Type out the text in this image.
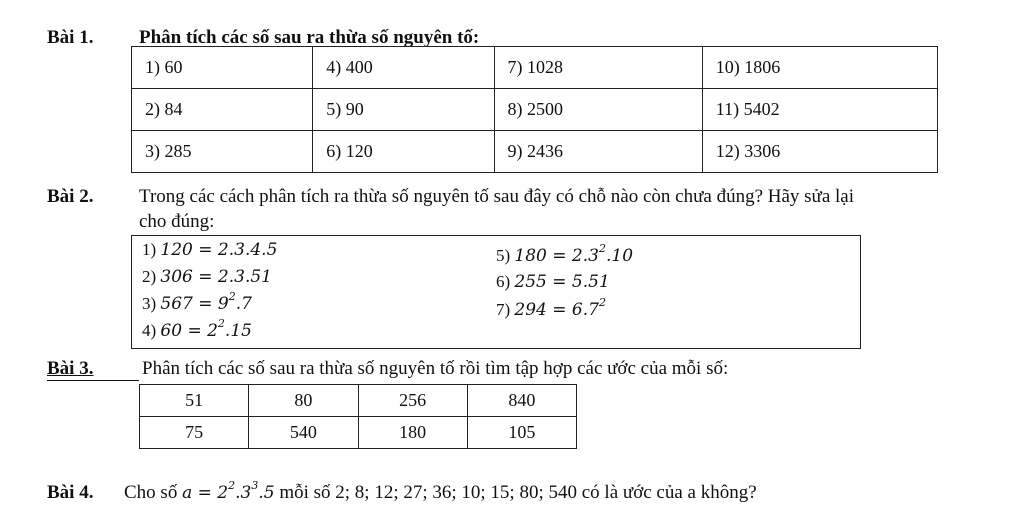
Bài 1. Phân tích các số sau ra thừa số nguyên tố:
1) 60	4) 400	7) 1028	10) 1806
2) 84	5) 90	8) 2500	11) 5402
3) 285	6) 120	9) 2436	12) 3306
Bài 2. Trong các cách phân tích ra thừa số nguyên tố sau đây có chỗ nào còn chưa đúng? Hãy sửa lại
cho đúng:
1) 120 = 2.3.4.5
2) 306 = 2.3.51
3) $567 = 9^2.7$
4) $60 = 2^2.15$
5) $180 = 2.3^2.10$
6) 255 = 5.51
7) $294 = 6.7^2$
Bài 3.	Phân tích các số sau ra thừa số nguyên tố rồi tìm tập hợp các ước của mỗi số:
51	80	256	840
75	540	180	105
Bài 4. Cho số $a = 2^2.3^3.5$ mỗi số 2; 8; 12; 27; 36; 10; 15; 80; 540 có là ước của a không?
